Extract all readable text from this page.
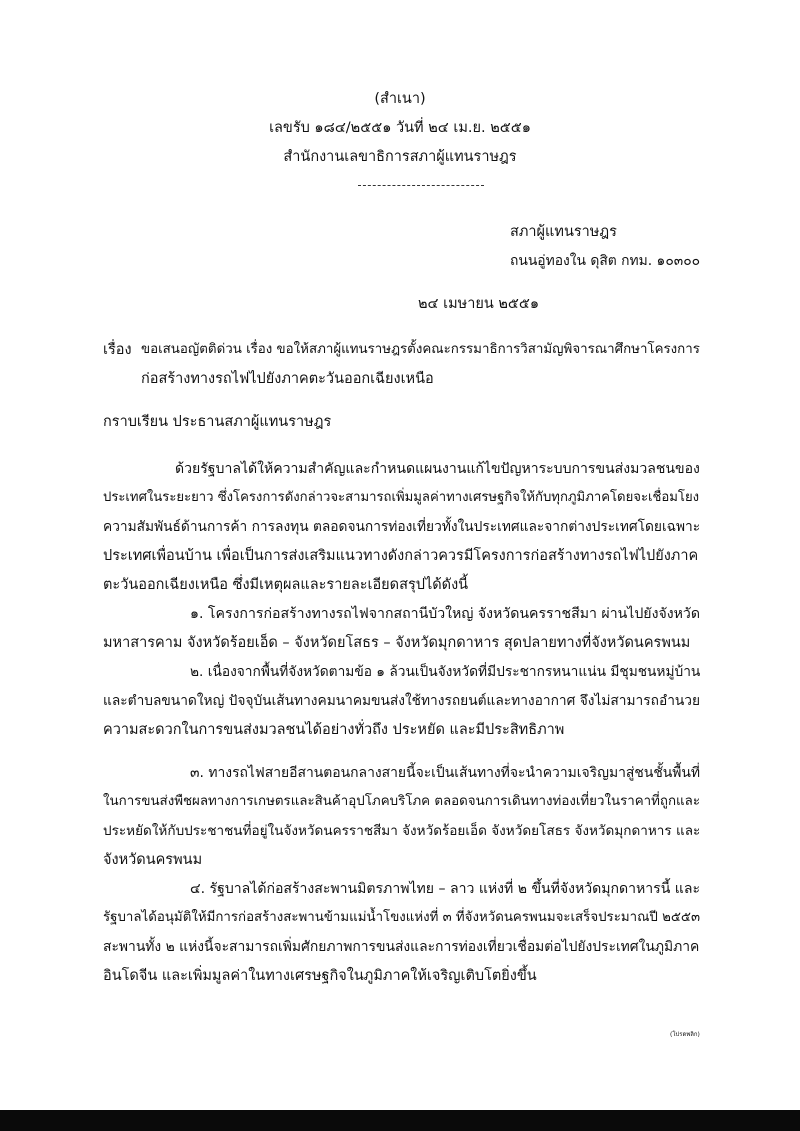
(สำเนา)
เลขรับ ๑๘๔/๒๕๕๑ วันที่ ๒๔ เม.ย. ๒๕๕๑
สำนักงานเลขาธิการสภาผู้แทนราษฎร
สภาผู้แทนราษฎร
ถนนอู่ทองใน ดุสิต กทม. ๑๐๓๐๐
๒๔ เมษายน ๒๕๕๑
เรื่อง ขอเสนอญัตติด่วน เรื่อง ขอให้สภาผู้แทนราษฎรตั้งคณะกรรมาธิการวิสามัญพิจารณาศึกษาโครงการ
ก่อสร้างทางรถไฟไปยังภาคตะวันออกเฉียงเหนือ
กราบเรียน ประธานสภาผู้แทนราษฎร
ด้วยรัฐบาลได้ให้ความสำคัญและกำหนดแผนงานแก้ไขปัญหาระบบการขนส่งมวลชนของ
ประเทศในระยะยาว ซึ่งโครงการดังกล่าวจะสามารถเพิ่มมูลค่าทางเศรษฐกิจให้กับทุกภูมิภาคโดยจะเชื่อมโยง
ความสัมพันธ์ด้านการค้า การลงทุน ตลอดจนการท่องเที่ยวทั้งในประเทศและจากต่างประเทศโดยเฉพาะ
ประเทศเพื่อนบ้าน เพื่อเป็นการส่งเสริมแนวทางดังกล่าวควรมีโครงการก่อสร้างทางรถไฟไปยังภาค
ตะวันออกเฉียงเหนือ ซึ่งมีเหตุผลและรายละเอียดสรุปได้ดังนี้
๑. โครงการก่อสร้างทางรถไฟจากสถานีบัวใหญ่ จังหวัดนครราชสีมา ผ่านไปยังจังหวัด
มหาสารคาม จังหวัดร้อยเอ็ด – จังหวัดยโสธร – จังหวัดมุกดาหาร สุดปลายทางที่จังหวัดนครพนม
๒. เนื่องจากพื้นที่จังหวัดตามข้อ ๑ ล้วนเป็นจังหวัดที่มีประชากรหนาแน่น มีชุมชนหมู่บ้าน
และตำบลขนาดใหญ่ ปัจจุบันเส้นทางคมนาคมขนส่งใช้ทางรถยนต์และทางอากาศ จึงไม่สามารถอำนวย
ความสะดวกในการขนส่งมวลชนได้อย่างทั่วถึง ประหยัด และมีประสิทธิภาพ
๓. ทางรถไฟสายอีสานตอนกลางสายนี้จะเป็นเส้นทางที่จะนำความเจริญมาสู่ชนชั้นพื้นที่
ในการขนส่งพืชผลทางการเกษตรและสินค้าอุปโภคบริโภค ตลอดจนการเดินทางท่องเที่ยวในราคาที่ถูกและ
ประหยัดให้กับประชาชนที่อยู่ในจังหวัดนครราชสีมา จังหวัดร้อยเอ็ด จังหวัดยโสธร จังหวัดมุกดาหาร และ
จังหวัดนครพนม
๔. รัฐบาลได้ก่อสร้างสะพานมิตรภาพไทย – ลาว แห่งที่ ๒ ขึ้นที่จังหวัดมุกดาหารนี้ และ
รัฐบาลได้อนุมัติให้มีการก่อสร้างสะพานข้ามแม่น้ำโขงแห่งที่ ๓ ที่จังหวัดนครพนมจะเสร็จประมาณปี ๒๕๕๓
สะพานทั้ง ๒ แห่งนี้จะสามารถเพิ่มศักยภาพการขนส่งและการท่องเที่ยวเชื่อมต่อไปยังประเทศในภูมิภาค
อินโดจีน และเพิ่มมูลค่าในทางเศรษฐกิจในภูมิภาคให้เจริญเติบโตยิ่งขึ้น
(โปรดพลิก)
